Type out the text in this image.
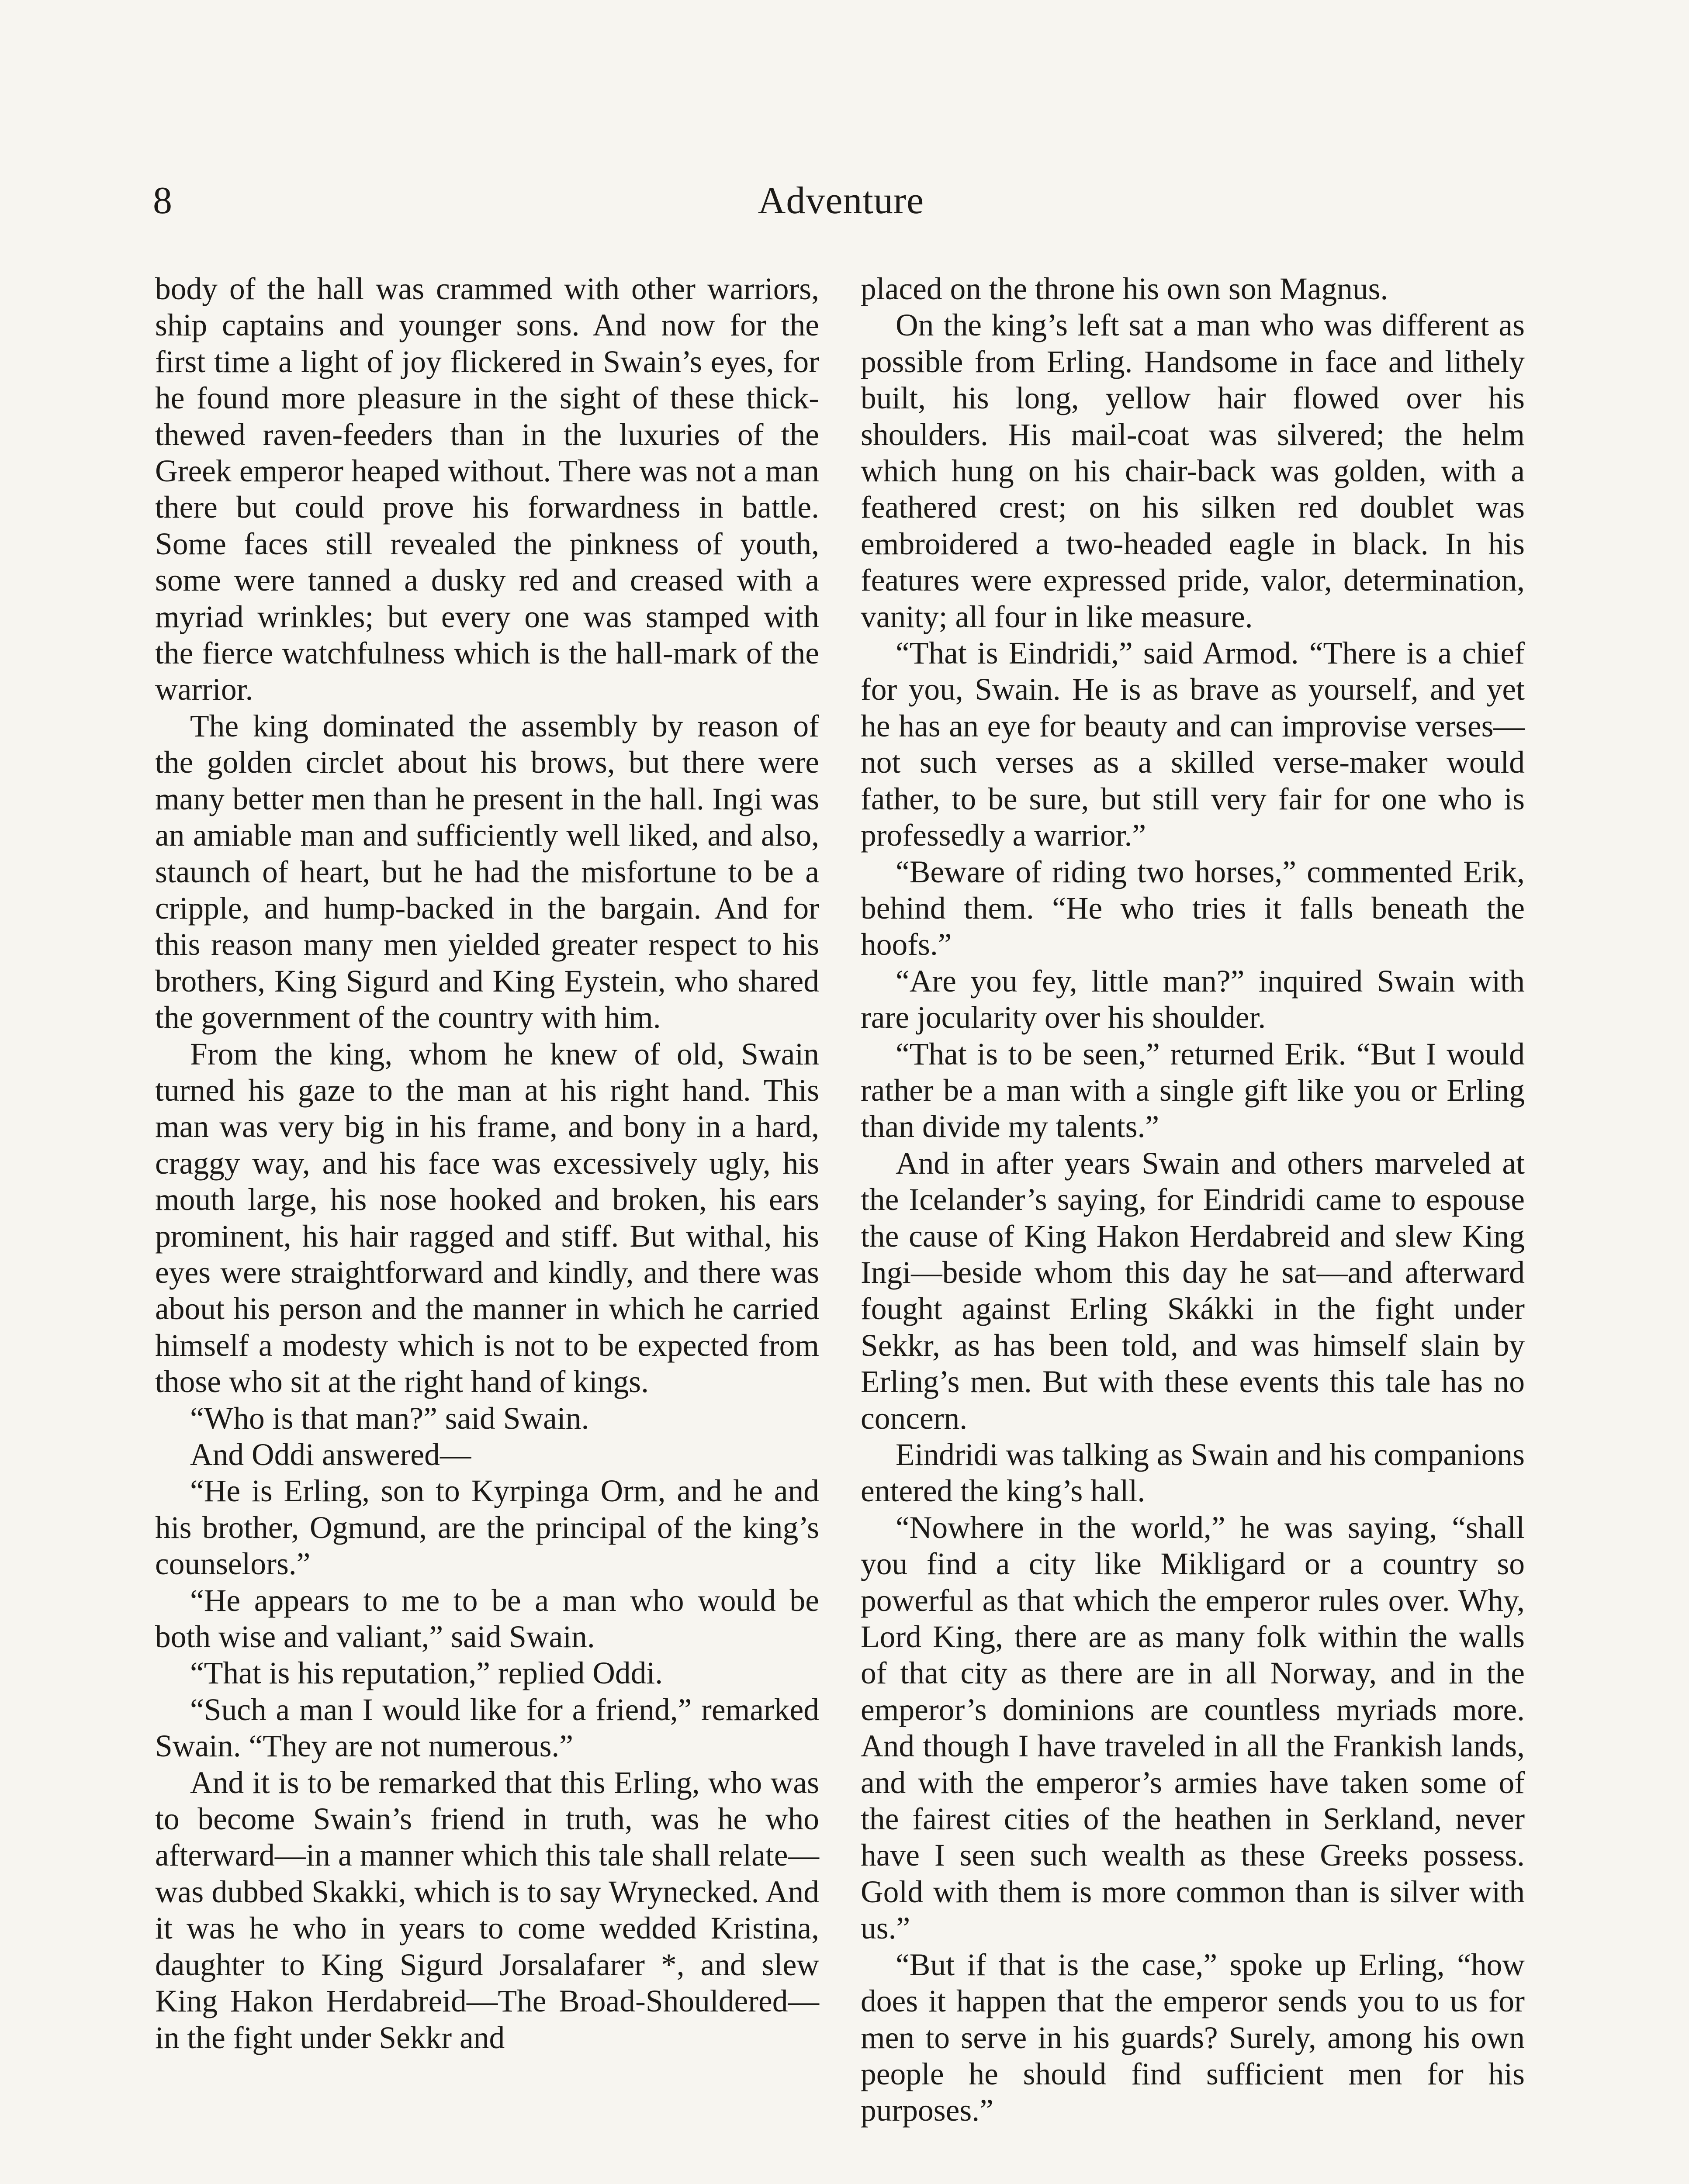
8	Adventure

body of the hall was crammed with other warriors, ship captains and younger sons. And now for the first time a light of joy flickered in Swain’s eyes, for he found more pleasure in the sight of these thick-thewed raven-feeders than in the luxuries of the Greek emperor heaped without. There was not a man there but could prove his forwardness in battle. Some faces still revealed the pinkness of youth, some were tanned a dusky red and creased with a myriad wrinkles; but every one was stamped with the fierce watchfulness which is the hall-mark of the warrior.

The king dominated the assembly by reason of the golden circlet about his brows, but there were many better men than he present in the hall. Ingi was an amiable man and sufficiently well liked, and also, staunch of heart, but he had the misfortune to be a cripple, and hump-backed in the bargain. And for this reason many men yielded greater respect to his brothers, King Sigurd and King Eystein, who shared the government of the country with him.

From the king, whom he knew of old, Swain turned his gaze to the man at his right hand. This man was very big in his frame, and bony in a hard, craggy way, and his face was excessively ugly, his mouth large, his nose hooked and broken, his ears prominent, his hair ragged and stiff. But withal, his eyes were straightforward and kindly, and there was about his person and the manner in which he carried himself a modesty which is not to be expected from those who sit at the right hand of kings.

“Who is that man?” said Swain.

And Oddi answered—

“He is Erling, son to Kyrpinga Orm, and he and his brother, Ogmund, are the principal of the king’s counselors.”

“He appears to me to be a man who would be both wise and valiant,” said Swain.

“That is his reputation,” replied Oddi.

“Such a man I would like for a friend,” remarked Swain. “They are not numerous.”

And it is to be remarked that this Erling, who was to become Swain’s friend in truth, was he who afterward—in a manner which this tale shall relate—was dubbed Skakki, which is to say Wrynecked. And it was he who in years to come wedded Kristina, daughter to King Sigurd Jorsalafarer *, and slew King Hakon Herdabreid—The Broad-Shouldered—in the fight under Sekkr and

placed on the throne his own son Magnus.

On the king’s left sat a man who was different as possible from Erling. Handsome in face and lithely built, his long, yellow hair flowed over his shoulders. His mail-coat was silvered; the helm which hung on his chair-back was golden, with a feathered crest; on his silken red doublet was embroidered a two-headed eagle in black. In his features were expressed pride, valor, determination, vanity; all four in like measure.

“That is Eindridi,” said Armod. “There is a chief for you, Swain. He is as brave as yourself, and yet he has an eye for beauty and can improvise verses—not such verses as a skilled verse-maker would father, to be sure, but still very fair for one who is professedly a warrior.”

“Beware of riding two horses,” commented Erik, behind them. “He who tries it falls beneath the hoofs.”

“Are you fey, little man?” inquired Swain with rare jocularity over his shoulder.

“That is to be seen,” returned Erik. “But I would rather be a man with a single gift like you or Erling than divide my talents.”

And in after years Swain and others marveled at the Icelander’s saying, for Eindridi came to espouse the cause of King Hakon Herdabreid and slew King Ingi—beside whom this day he sat—and afterward fought against Erling Skákki in the fight under Sekkr, as has been told, and was himself slain by Erling’s men. But with these events this tale has no concern.

Eindridi was talking as Swain and his companions entered the king’s hall.

“Nowhere in the world,” he was saying, “shall you find a city like Mikligard or a country so powerful as that which the emperor rules over. Why, Lord King, there are as many folk within the walls of that city as there are in all Norway, and in the emperor’s dominions are countless myriads more. And though I have traveled in all the Frankish lands, and with the emperor’s armies have taken some of the fairest cities of the heathen in Serkland, never have I seen such wealth as these Greeks possess. Gold with them is more common than is silver with us.”

“But if that is the case,” spoke up Erling, “how does it happen that the emperor sends you to us for men to serve in his guards? Surely, among his own people he should find sufficient men for his purposes.”
